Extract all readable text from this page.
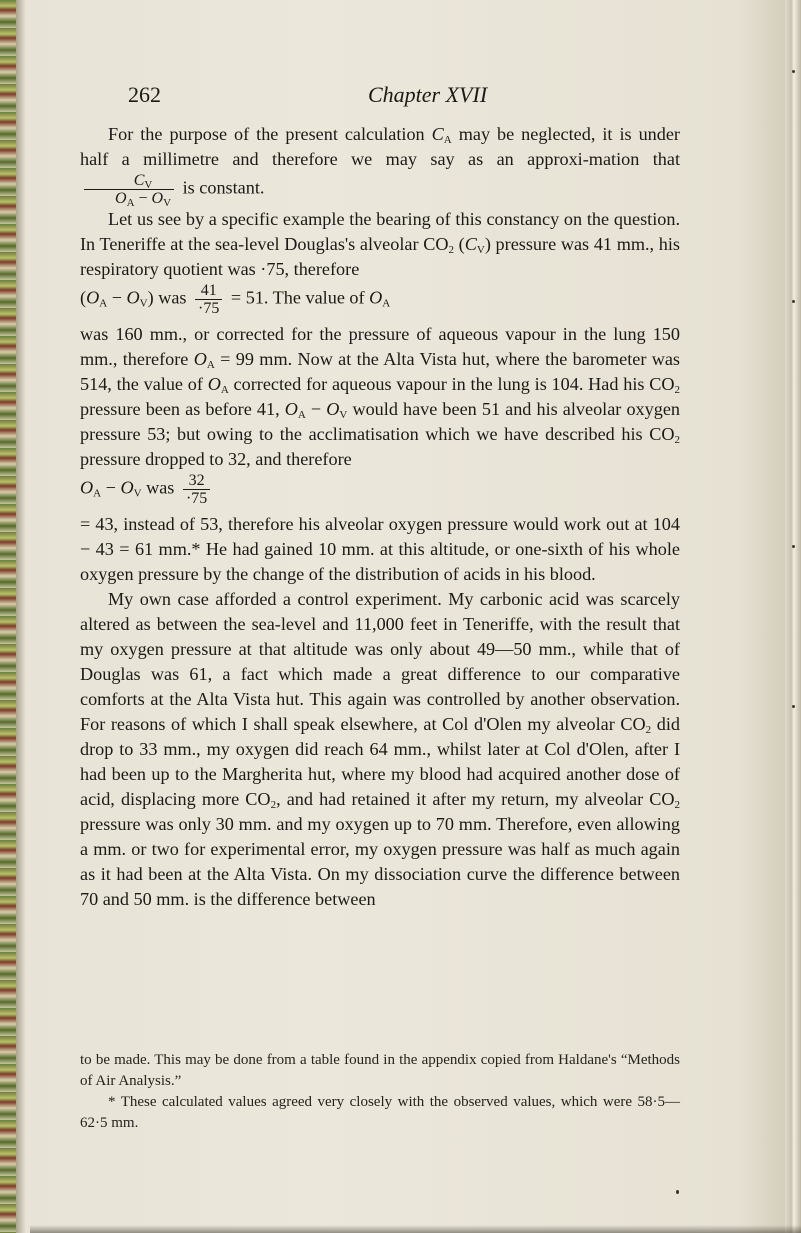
262	Chapter XVII

For the purpose of the present calculation $C_A$ may be neglected, it is under half a millimetre and therefore we may say as an approxi-mation that
$\frac{C_V}{O_A - O_V}$ is constant.

Let us see by a specific example the bearing of this constancy on the question. In Teneriffe at the sea-level Douglas's alveolar $CO_2$ $(C_V)$ pressure was 41 mm., his respiratory quotient was ·75, therefore
$(O_A - O_V)$ was $\frac{41}{\cdot 75} = 51$. The value of $O_A$
was 160 mm., or corrected for the pressure of aqueous vapour in the lung 150 mm., therefore $O_A = 99$ mm. Now at the Alta Vista hut, where the barometer was 514, the value of $O_A$ corrected for aqueous vapour in the lung is 104. Had his $CO_2$ pressure been as before 41, $O_A - O_V$ would have been 51 and his alveolar oxygen pressure 53; but owing to the acclimatisation which we have described his $CO_2$ pressure dropped to 32, and therefore
$O_A - O_V$ was $\frac{32}{\cdot 75}$
= 43, instead of 53, therefore his alveolar oxygen pressure would work out at 104 − 43 = 61 mm.* He had gained 10 mm. at this altitude, or one-sixth of his whole oxygen pressure by the change of the distribution of acids in his blood.

My own case afforded a control experiment. My carbonic acid was scarcely altered as between the sea-level and 11,000 feet in Teneriffe, with the result that my oxygen pressure at that altitude was only about 49—50 mm., while that of Douglas was 61, a fact which made a great difference to our comparative comforts at the Alta Vista hut. This again was controlled by another observation. For reasons of which I shall speak elsewhere, at Col d'Olen my alveolar $CO_2$ did drop to 33 mm., my oxygen did reach 64 mm., whilst later at Col d'Olen, after I had been up to the Margherita hut, where my blood had acquired another dose of acid, displacing more $CO_2$, and had retained it after my return, my alveolar $CO_2$ pressure was only 30 mm. and my oxygen up to 70 mm. Therefore, even allowing a mm. or two for experimental error, my oxygen pressure was half as much again as it had been at the Alta Vista. On my dissociation curve the difference between 70 and 50 mm. is the difference between

to be made. This may be done from a table found in the appendix copied from Haldane's “Methods of Air Analysis.”

* These calculated values agreed very closely with the observed values, which were 58·5—62·5 mm.
